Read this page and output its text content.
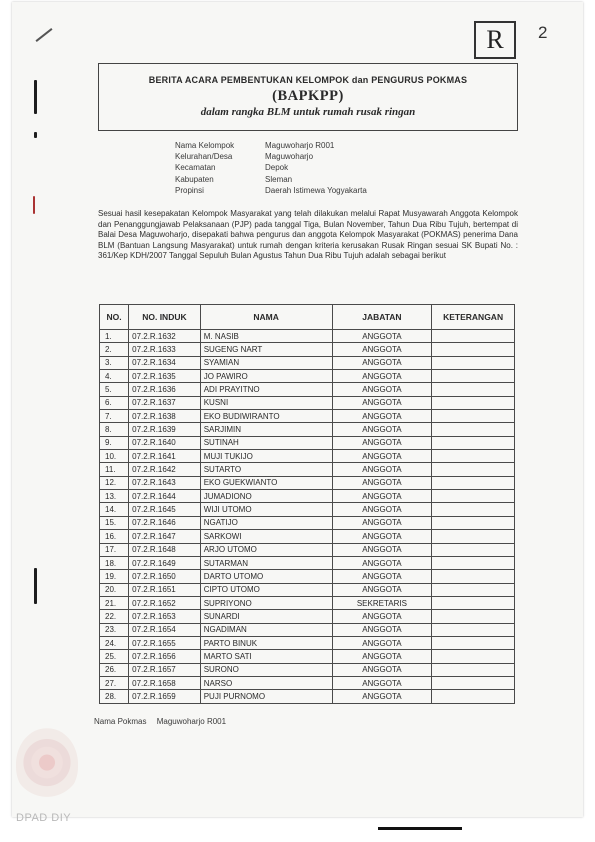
R	2
BERITA ACARA PEMBENTUKAN KELOMPOK dan PENGURUS POKMAS
(BAPKPP)
dalam rangka BLM untuk rumah rusak ringan
Nama Kelompok	Maguwoharjo R001
Kelurahan/Desa	Maguwoharjo
Kecamatan	Depok
Kabupaten	Sleman
Propinsi	Daerah Istimewa Yogyakarta
Sesuai hasil kesepakatan Kelompok Masyarakat yang telah dilakukan melalui Rapat Musyawarah Anggota Kelompok dan Penanggungjawab Pelaksanaan (PJP) pada tanggal Tiga, Bulan November, Tahun Dua Ribu Tujuh, bertempat di Balai Desa Maguwoharjo, disepakati bahwa pengurus dan anggota Kelompok Masyarakat (POKMAS) penerima Dana BLM (Bantuan Langsung Masyarakat) untuk rumah dengan kriteria kerusakan Rusak Ringan sesuai SK Bupati No. : 361/Kep KDH/2007 Tanggal Sepuluh Bulan Agustus Tahun Dua Ribu Tujuh adalah sebagai berikut
NO.	NO. INDUK	NAMA	JABATAN	KETERANGAN
1.	07.2.R.1632	M. NASIB	ANGGOTA	
2.	07.2.R.1633	SUGENG NART	ANGGOTA	
3.	07.2.R.1634	SYAMIAN	ANGGOTA	
4.	07.2.R.1635	JO PAWIRO	ANGGOTA	
5.	07.2.R.1636	ADI PRAYITNO	ANGGOTA	
6.	07.2.R.1637	KUSNI	ANGGOTA	
7.	07.2.R.1638	EKO BUDIWIRANTO	ANGGOTA	
8.	07.2.R.1639	SARJIMIN	ANGGOTA	
9.	07.2.R.1640	SUTINAH	ANGGOTA	
10.	07.2.R.1641	MUJI TUKIJO	ANGGOTA	
11.	07.2.R.1642	SUTARTO	ANGGOTA	
12.	07.2.R.1643	EKO GUEKWIANTO	ANGGOTA	
13.	07.2.R.1644	JUMADIONO	ANGGOTA	
14.	07.2.R.1645	WIJI UTOMO	ANGGOTA	
15.	07.2.R.1646	NGATIJO	ANGGOTA	
16.	07.2.R.1647	SARKOWI	ANGGOTA	
17.	07.2.R.1648	ARJO UTOMO	ANGGOTA	
18.	07.2.R.1649	SUTARMAN	ANGGOTA	
19.	07.2.R.1650	DARTO UTOMO	ANGGOTA	
20.	07.2.R.1651	CIPTO UTOMO	ANGGOTA	
21.	07.2.R.1652	SUPRIYONO	SEKRETARIS	
22.	07.2.R.1653	SUNARDI	ANGGOTA	
23.	07.2.R.1654	NGADIMAN	ANGGOTA	
24.	07.2.R.1655	PARTO BINUK	ANGGOTA	
25.	07.2.R.1656	MARTO SATI	ANGGOTA	
26.	07.2.R.1657	SURONO	ANGGOTA	
27.	07.2.R.1658	NARSO	ANGGOTA	
28.	07.2.R.1659	PUJI PURNOMO	ANGGOTA	
Nama Pokmas Maguwoharjo R001
DPAD DIY
